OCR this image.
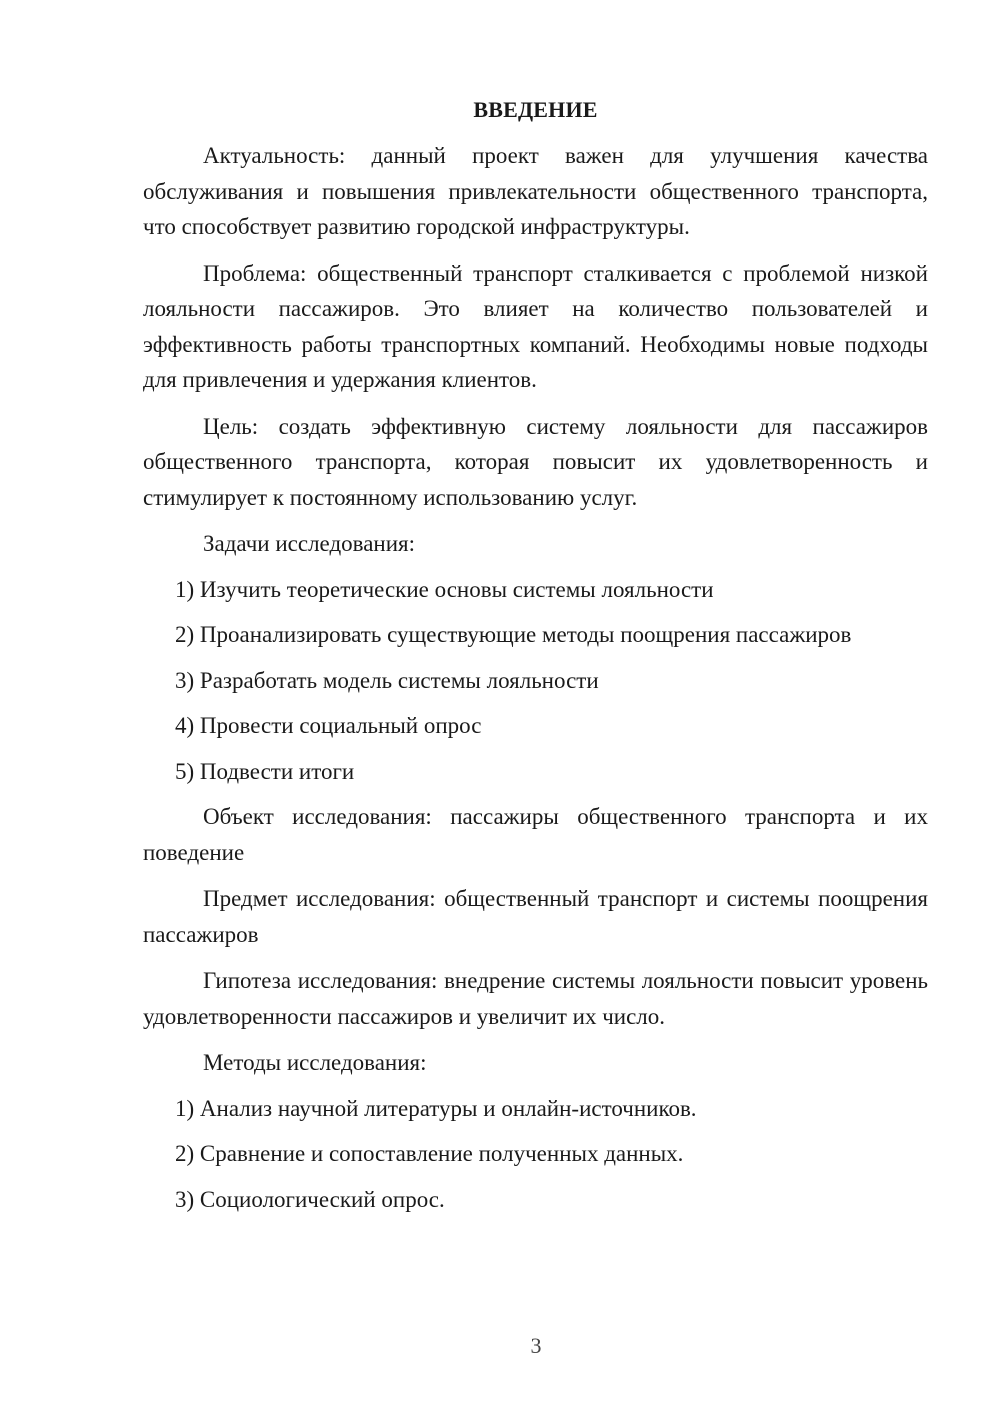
ВВЕДЕНИЕ

Актуальность: данный проект важен для улучшения качества обслуживания и повышения привлекательности общественного транспорта, что способствует развитию городской инфраструктуры.

Проблема: общественный транспорт сталкивается с проблемой низкой лояльности пассажиров. Это влияет на количество пользователей и эффективность работы транспортных компаний. Необходимы новые подходы для привлечения и удержания клиентов.

Цель: создать эффективную систему лояльности для пассажиров общественного транспорта, которая повысит их удовлетворенность и стимулирует к постоянному использованию услуг.

Задачи исследования:
1) Изучить теоретические основы системы лояльности
2) Проанализировать существующие методы поощрения пассажиров
3) Разработать модель системы лояльности
4) Провести социальный опрос
5) Подвести итоги

Объект исследования: пассажиры общественного транспорта и их поведение

Предмет исследования: общественный транспорт и системы поощрения пассажиров

Гипотеза исследования: внедрение системы лояльности повысит уровень удовлетворенности пассажиров и увеличит их число.

Методы исследования:
1) Анализ научной литературы и онлайн-источников.
2) Сравнение и сопоставление полученных данных.
3) Социологический опрос.
3
